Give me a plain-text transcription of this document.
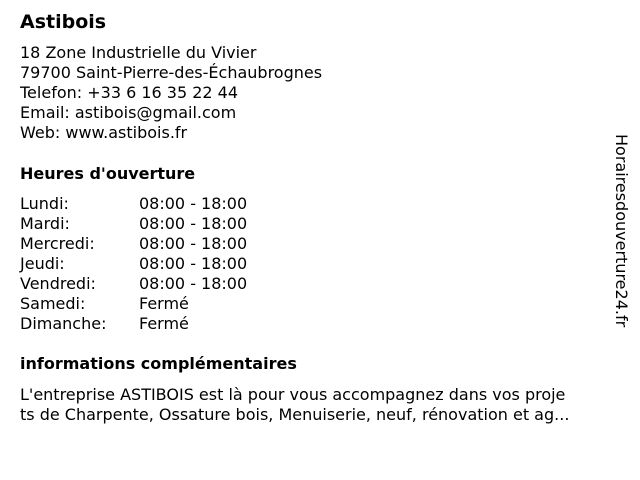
Astibois
18 Zone Industrielle du Vivier
79700 Saint-Pierre-des-Échaubrognes
Telefon: +33 6 16 35 22 44
Email: astibois@gmail.com
Web: www.astibois.fr
Heures d'ouverture
Lundi:	08:00 - 18:00
Mardi:	08:00 - 18:00
Mercredi:	08:00 - 18:00
Jeudi:	08:00 - 18:00
Vendredi:	08:00 - 18:00
Samedi:	Fermé
Dimanche:	Fermé
informations complémentaires
L'entreprise ASTIBOIS est là pour vous accompagnez dans vos proje
ts de Charpente, Ossature bois, Menuiserie, neuf, rénovation et ag...
Horairesdouverture24.fr
